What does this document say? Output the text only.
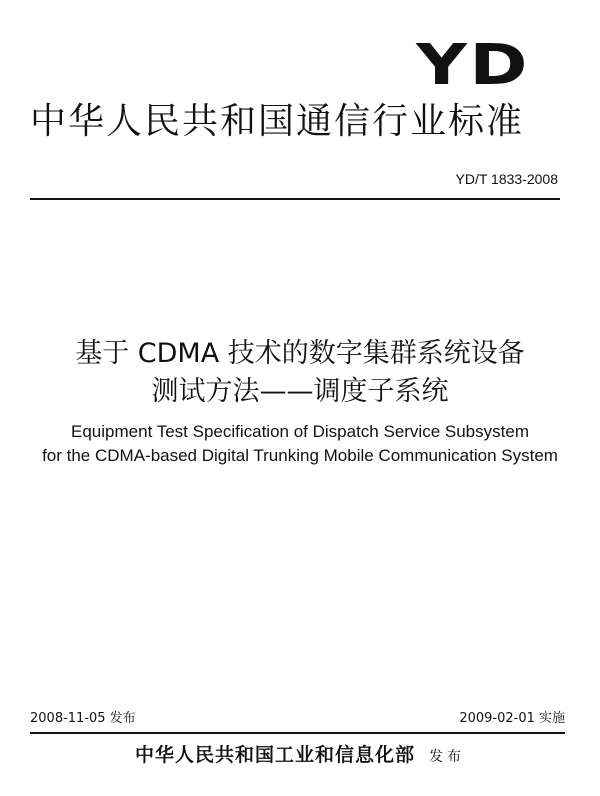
YD
中华人民共和国通信行业标准
YD/T 1833-2008
基于 CDMA 技术的数字集群系统设备
测试方法——调度子系统
Equipment Test Specification of Dispatch Service Subsystem
for the CDMA-based Digital Trunking Mobile Communication System
2008-11-05 发布	2009-02-01 实施
中华人民共和国工业和信息化部 发布
